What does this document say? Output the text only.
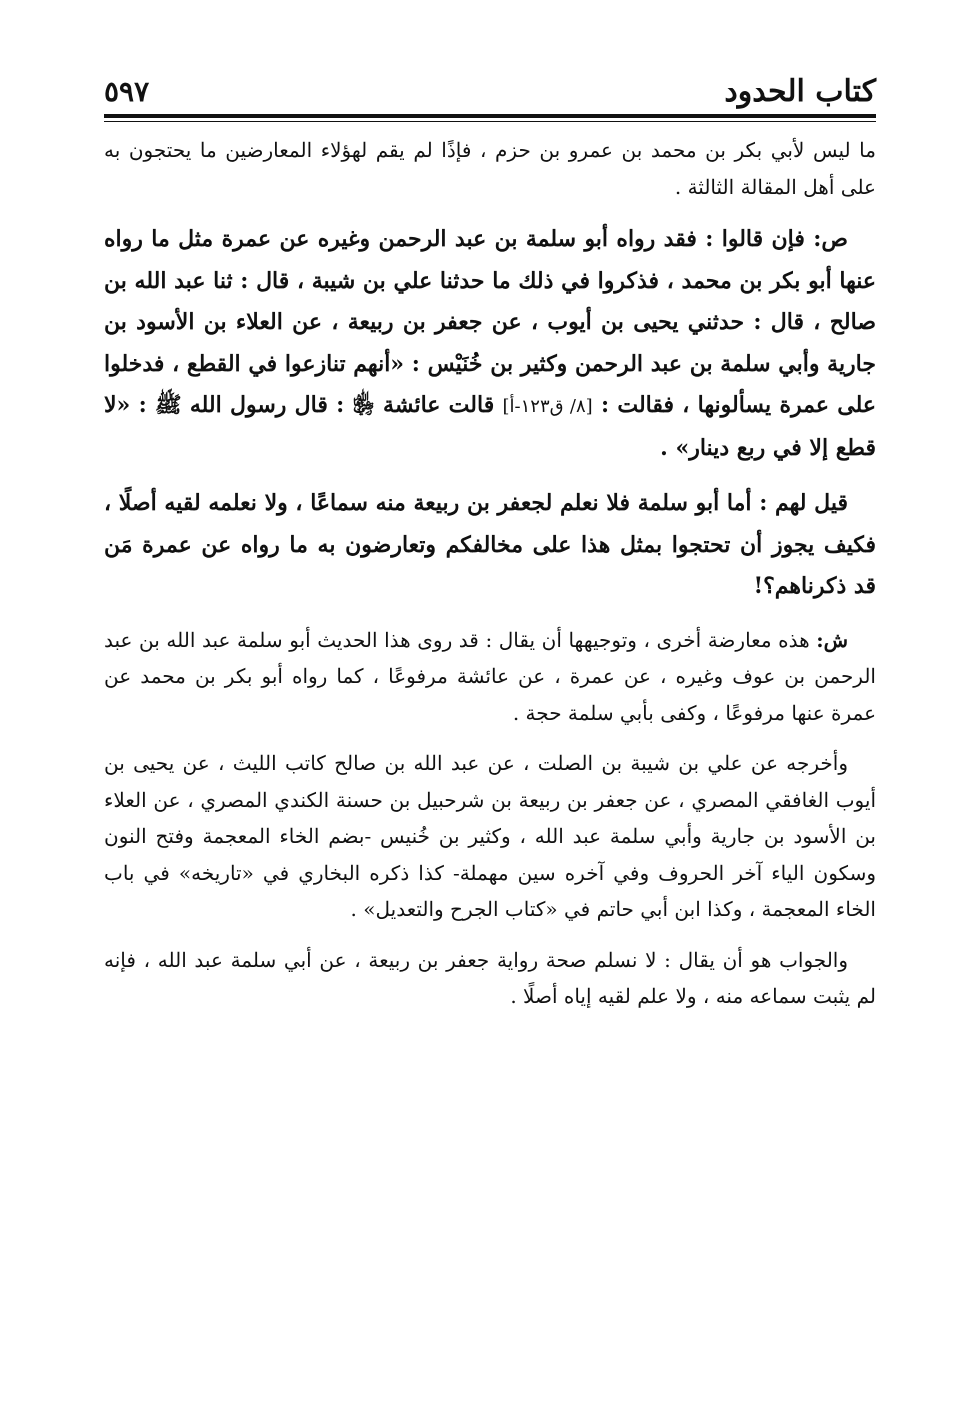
كتاب الحدود
٥٩٧

ما ليس لأبي بكر بن محمد بن عمرو بن حزم ، فإذًا لم يقم لهؤلاء المعارضين ما يحتجون به على أهل المقالة الثالثة .

ص: فإن قالوا : فقد رواه أبو سلمة بن عبد الرحمن وغيره عن عمرة مثل ما رواه عنها أبو بكر بن محمد ، فذكروا في ذلك ما حدثنا علي بن شيبة ، قال : ثنا عبد الله بن صالح ، قال : حدثني يحيى بن أيوب ، عن جعفر بن ربيعة ، عن العلاء بن الأسود بن جارية وأبي سلمة بن عبد الرحمن وكثير بن خُنَيْس : «أنهم تنازعوا في القطع ، فدخلوا على عمرة يسألونها ، فقالت : [٨/ ق١٢٣-أ] قالت عائشة ﵂ : قال رسول الله ﷺ : «لا قطع إلا في ربع دينار» .

قيل لهم : أما أبو سلمة فلا نعلم لجعفر بن ربيعة منه سماعًا ، ولا نعلمه لقيه أصلًا ، فكيف يجوز أن تحتجوا بمثل هذا على مخالفكم وتعارضون به ما رواه عن عمرة مَن قد ذكرناهم؟!

ش: هذه معارضة أخرى ، وتوجيهها أن يقال : قد روى هذا الحديث أبو سلمة عبد الله بن عبد الرحمن بن عوف وغيره ، عن عمرة ، عن عائشة مرفوعًا ، كما رواه أبو بكر بن محمد عن عمرة عنها مرفوعًا ، وكفى بأبي سلمة حجة .

وأخرجه عن علي بن شيبة بن الصلت ، عن عبد الله بن صالح كاتب الليث ، عن يحيى بن أيوب الغافقي المصري ، عن جعفر بن ربيعة بن شرحبيل بن حسنة الكندي المصري ، عن العلاء بن الأسود بن جارية وأبي سلمة عبد الله ، وكثير بن خُنيس -بضم الخاء المعجمة وفتح النون وسكون الياء آخر الحروف وفي آخره سين مهملة- كذا ذكره البخاري في «تاريخه» في باب الخاء المعجمة ، وكذا ابن أبي حاتم في «كتاب الجرح والتعديل» .

والجواب هو أن يقال : لا نسلم صحة رواية جعفر بن ربيعة ، عن أبي سلمة عبد الله ، فإنه لم يثبت سماعه منه ، ولا علم لقيه إياه أصلًا .
